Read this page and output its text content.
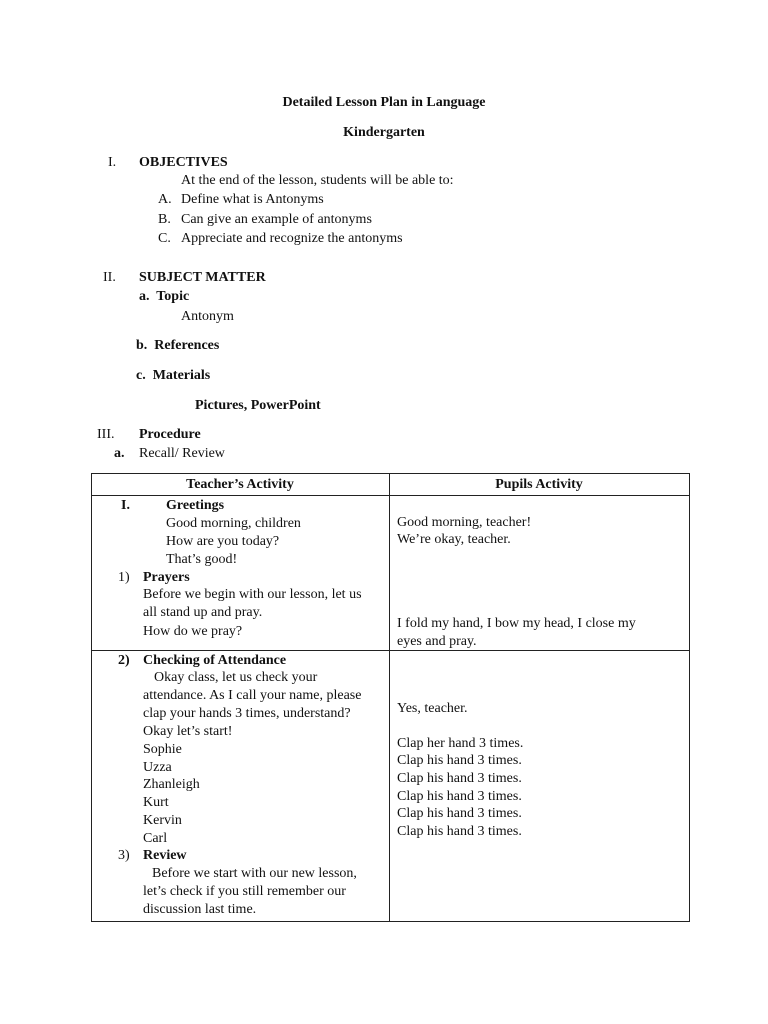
Detailed Lesson Plan in Language
Kindergarten
I. OBJECTIVES
At the end of the lesson, students will be able to:
A. Define what is Antonyms
B. Can give an example of antonyms
C. Appreciate and recognize the antonyms
II. SUBJECT MATTER
a.  Topic
Antonym
b.  References
c.  Materials
Pictures, PowerPoint
III. Procedure
a. Recall/ Review
Teacher’s Activity	Pupils Activity
I.	Greetings
Good morning, children
How are you today?
That’s good!
1) Prayers
Before we begin with our lesson, let us
all stand up and pray.
How do we pray?
Good morning, teacher!
We’re okay, teacher.
I fold my hand, I bow my head, I close my
eyes and pray.
2) Checking of Attendance
Okay class, let us check your
attendance. As I call your name, please
clap your hands 3 times, understand?
Okay let’s start!
Sophie
Uzza
Zhanleigh
Kurt
Kervin
Carl
3) Review
Before we start with our new lesson,
let’s check if you still remember our
discussion last time.
Yes, teacher.
Clap her hand 3 times.
Clap his hand 3 times.
Clap his hand 3 times.
Clap his hand 3 times.
Clap his hand 3 times.
Clap his hand 3 times.
